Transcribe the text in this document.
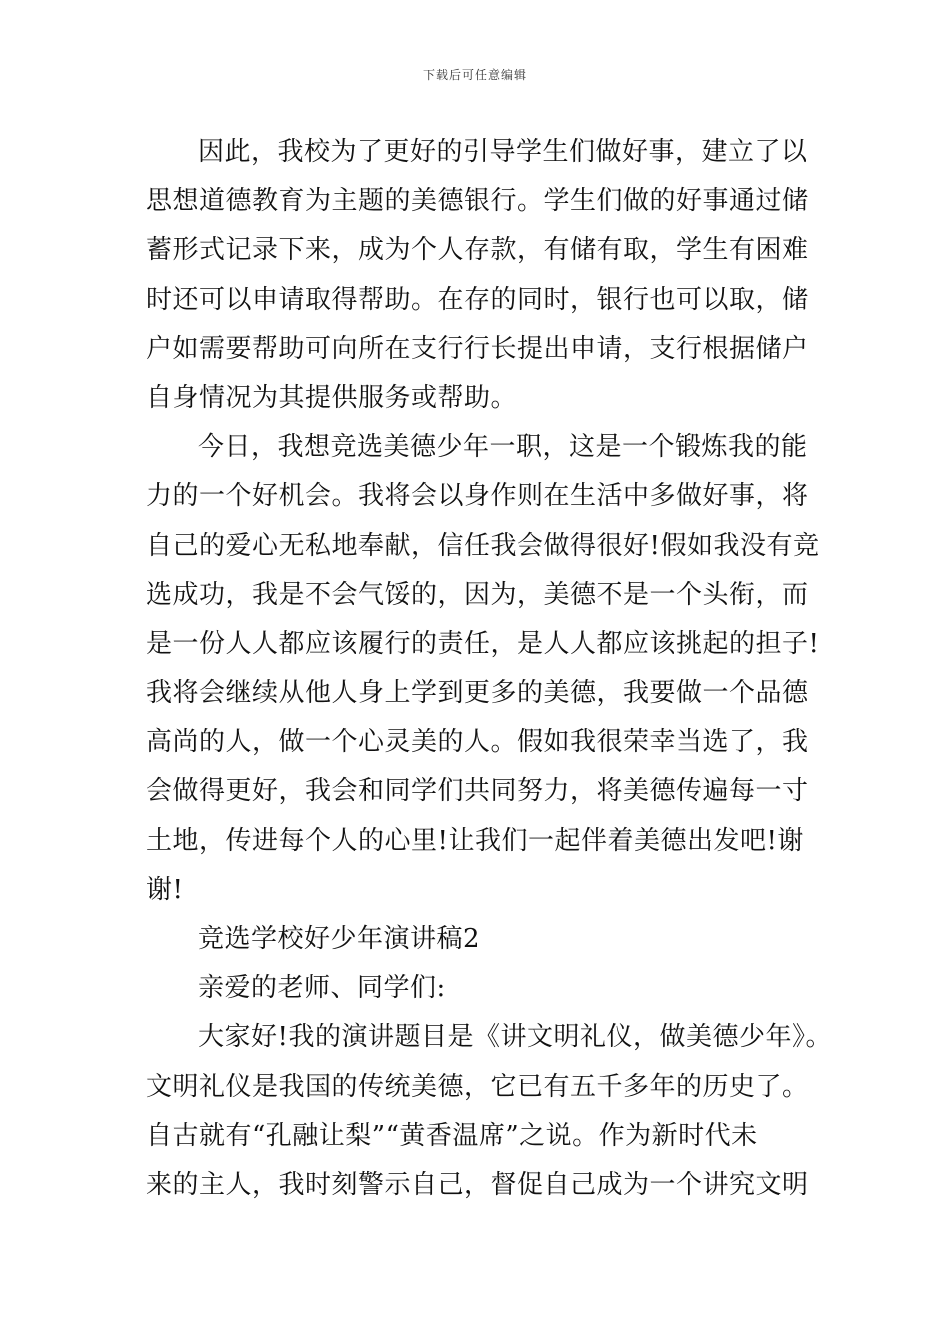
下载后可任意编辑
因此，我校为了更好的引导学生们做好事，建立了以
思想道德教育为主题的美德银行。学生们做的好事通过储
蓄形式记录下来，成为个人存款，有储有取，学生有困难
时还可以申请取得帮助。在存的同时，银行也可以取，储
户如需要帮助可向所在支行行长提出申请，支行根据储户
自身情况为其提供服务或帮助。
今日，我想竞选美德少年一职，这是一个锻炼我的能
力的一个好机会。我将会以身作则在生活中多做好事，将
自己的爱心无私地奉献，信任我会做得很好!假如我没有竞
选成功，我是不会气馁的，因为，美德不是一个头衔，而
是一份人人都应该履行的责任，是人人都应该挑起的担子!
我将会继续从他人身上学到更多的美德，我要做一个品德
高尚的人，做一个心灵美的人。假如我很荣幸当选了，我
会做得更好，我会和同学们共同努力，将美德传遍每一寸
土地，传进每个人的心里!让我们一起伴着美德出发吧!谢
谢!
竞选学校好少年演讲稿2
亲爱的老师、同学们:
大家好!我的演讲题目是《讲文明礼仪，做美德少年》。
文明礼仪是我国的传统美德，它已有五千多年的历史了。
自古就有“孔融让梨”“黄香温席”之说。作为新时代未
来的主人，我时刻警示自己，督促自己成为一个讲究文明
